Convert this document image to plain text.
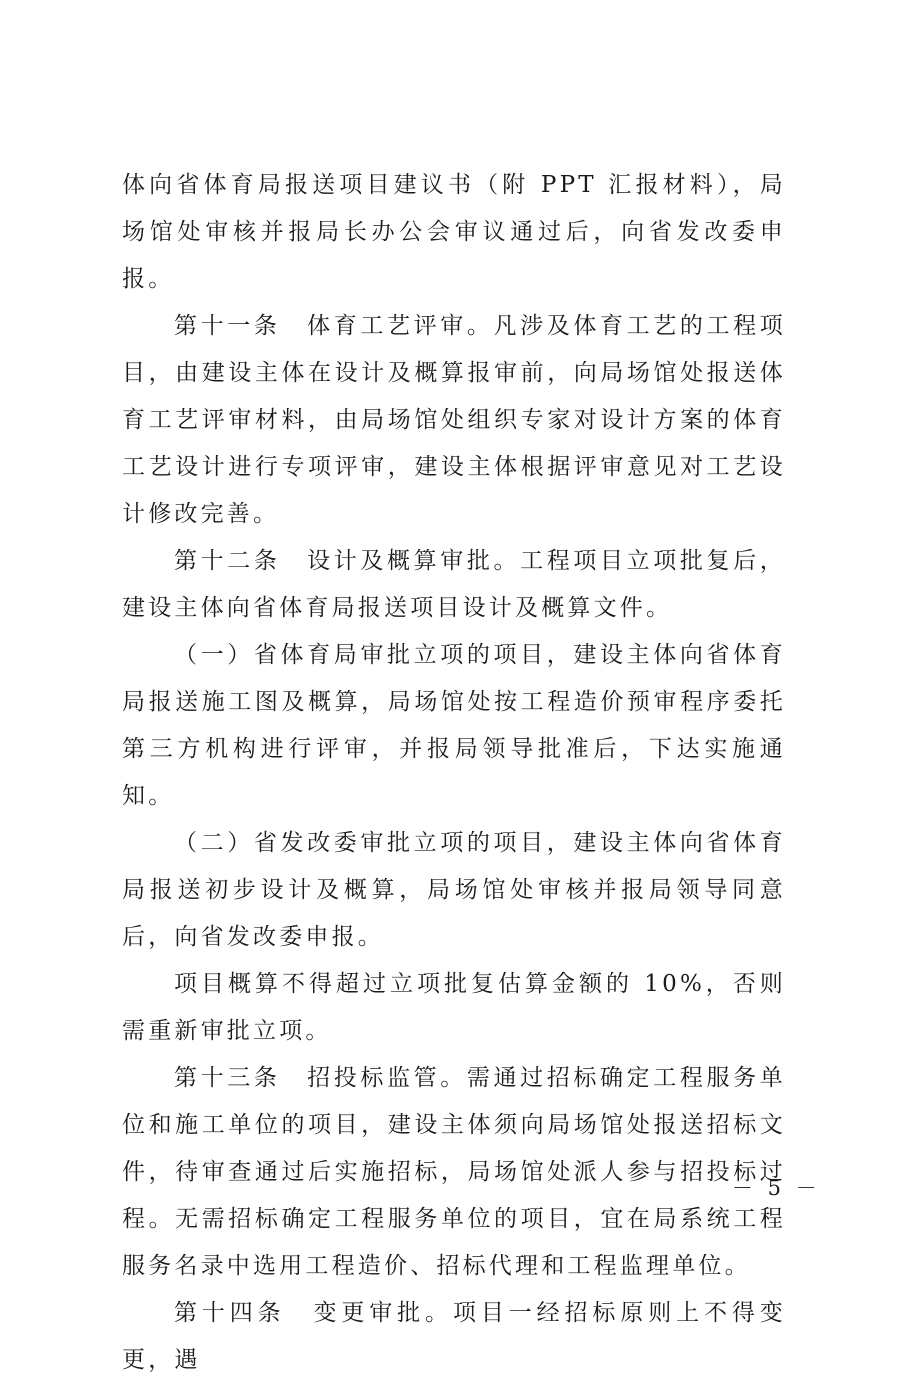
体向省体育局报送项目建议书（附 PPT 汇报材料），局场馆处审核并报局长办公会审议通过后，向省发改委申报。

第十一条　体育工艺评审。凡涉及体育工艺的工程项目，由建设主体在设计及概算报审前，向局场馆处报送体育工艺评审材料，由局场馆处组织专家对设计方案的体育工艺设计进行专项评审，建设主体根据评审意见对工艺设计修改完善。

第十二条　设计及概算审批。工程项目立项批复后，建设主体向省体育局报送项目设计及概算文件。

（一）省体育局审批立项的项目，建设主体向省体育局报送施工图及概算，局场馆处按工程造价预审程序委托第三方机构进行评审，并报局领导批准后，下达实施通知。

（二）省发改委审批立项的项目，建设主体向省体育局报送初步设计及概算，局场馆处审核并报局领导同意后，向省发改委申报。

项目概算不得超过立项批复估算金额的 10%，否则需重新审批立项。

第十三条　招投标监管。需通过招标确定工程服务单位和施工单位的项目，建设主体须向局场馆处报送招标文件，待审查通过后实施招标，局场馆处派人参与招投标过程。无需招标确定工程服务单位的项目，宜在局系统工程服务名录中选用工程造价、招标代理和工程监理单位。

第十四条　变更审批。项目一经招标原则上不得变更，遇

－ 5 －
